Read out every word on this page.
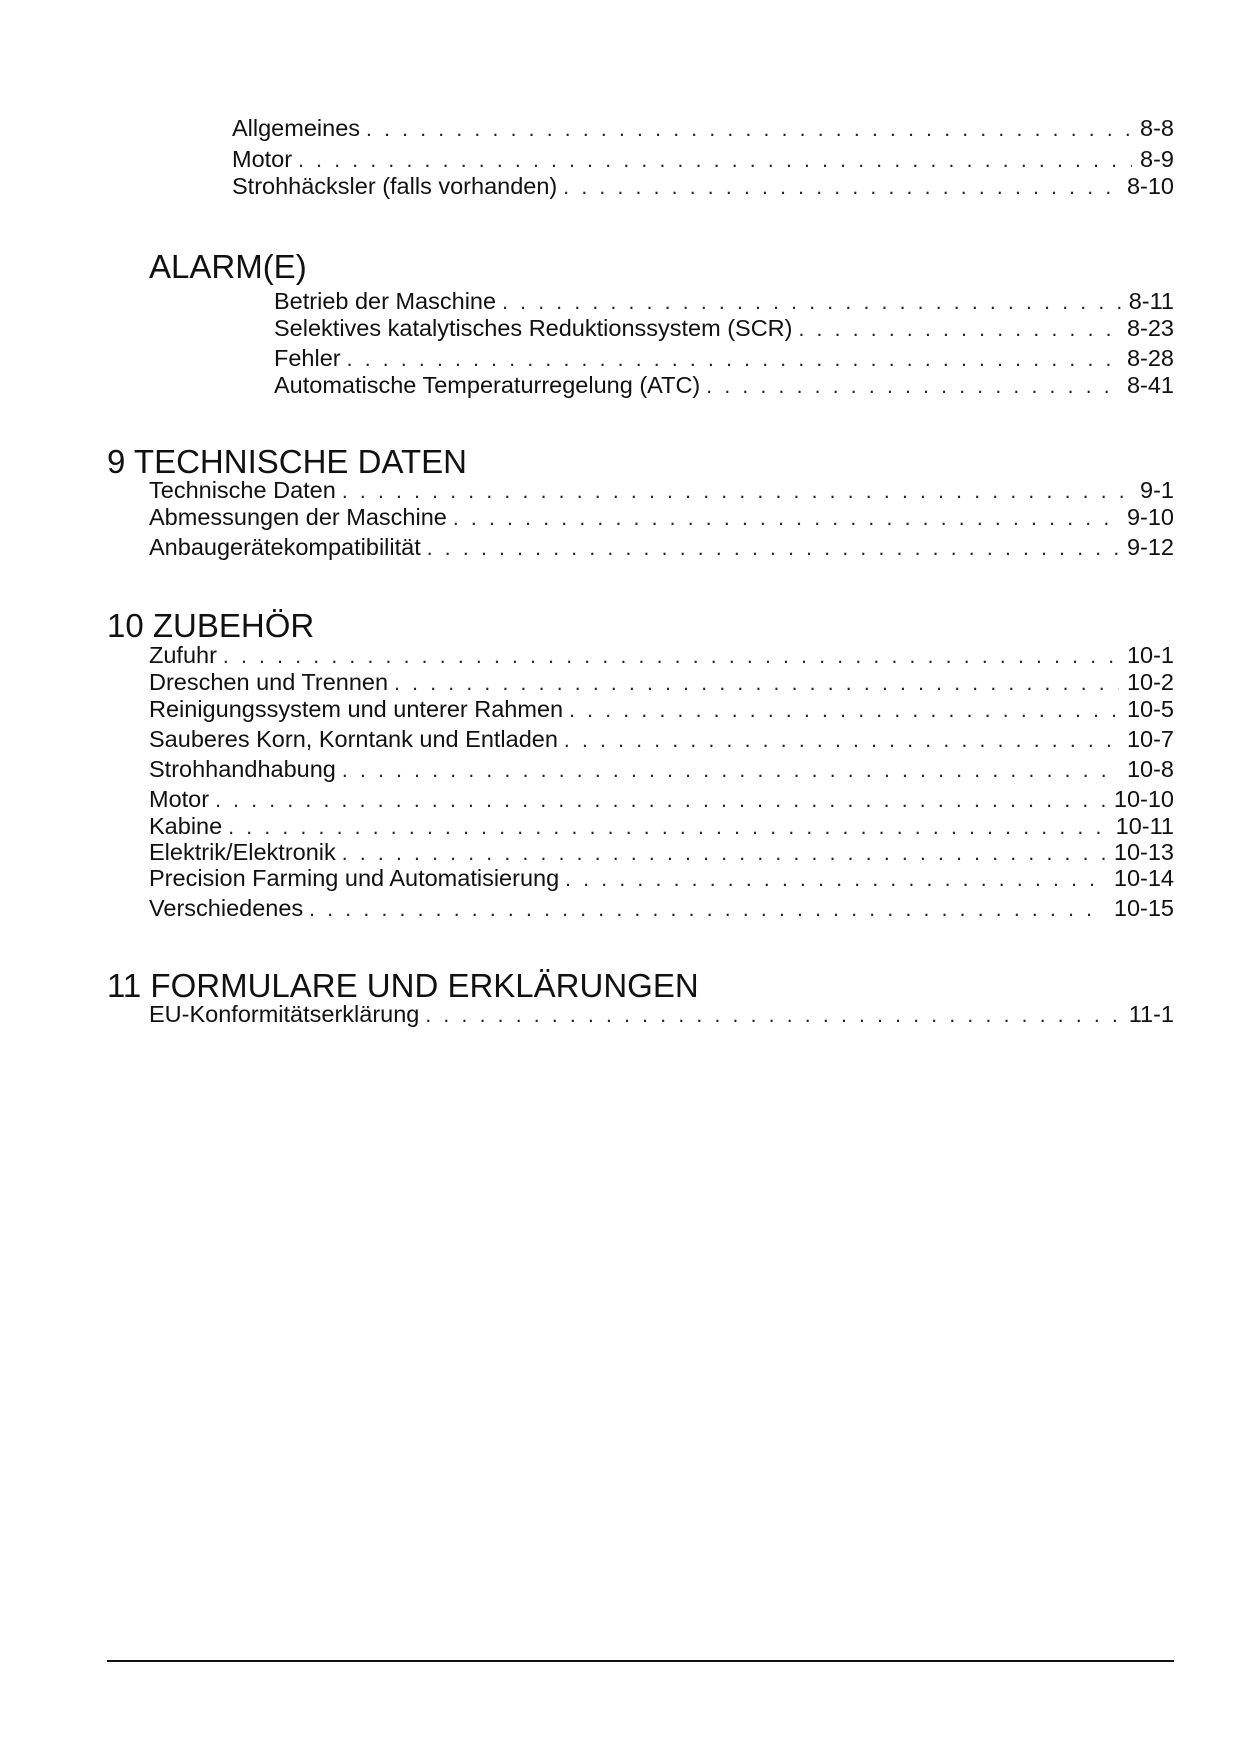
Allgemeines . . .	8-8
Motor . . .	8-9
Strohhäcksler (falls vorhanden) . . .	8-10
ALARM(E)
Betrieb der Maschine . . .	8-11
Selektives katalytisches Reduktionssystem (SCR) . . .	8-23
Fehler . . .	8-28
Automatische Temperaturregelung (ATC) . . .	8-41
9 TECHNISCHE DATEN
Technische Daten . . .	9-1
Abmessungen der Maschine . . .	9-10
Anbaugerätekompatibilität . . .	9-12
10 ZUBEHÖR
Zufuhr . . .	10-1
Dreschen und Trennen . . .	10-2
Reinigungssystem und unterer Rahmen . . .	10-5
Sauberes Korn, Korntank und Entladen . . .	10-7
Strohhandhabung . . .	10-8
Motor . . .	10-10
Kabine . . .	10-11
Elektrik/Elektronik . . .	10-13
Precision Farming und Automatisierung . . .	10-14
Verschiedenes . . .	10-15
11 FORMULARE UND ERKLÄRUNGEN
EU-Konformitätserklärung . . .	11-1
